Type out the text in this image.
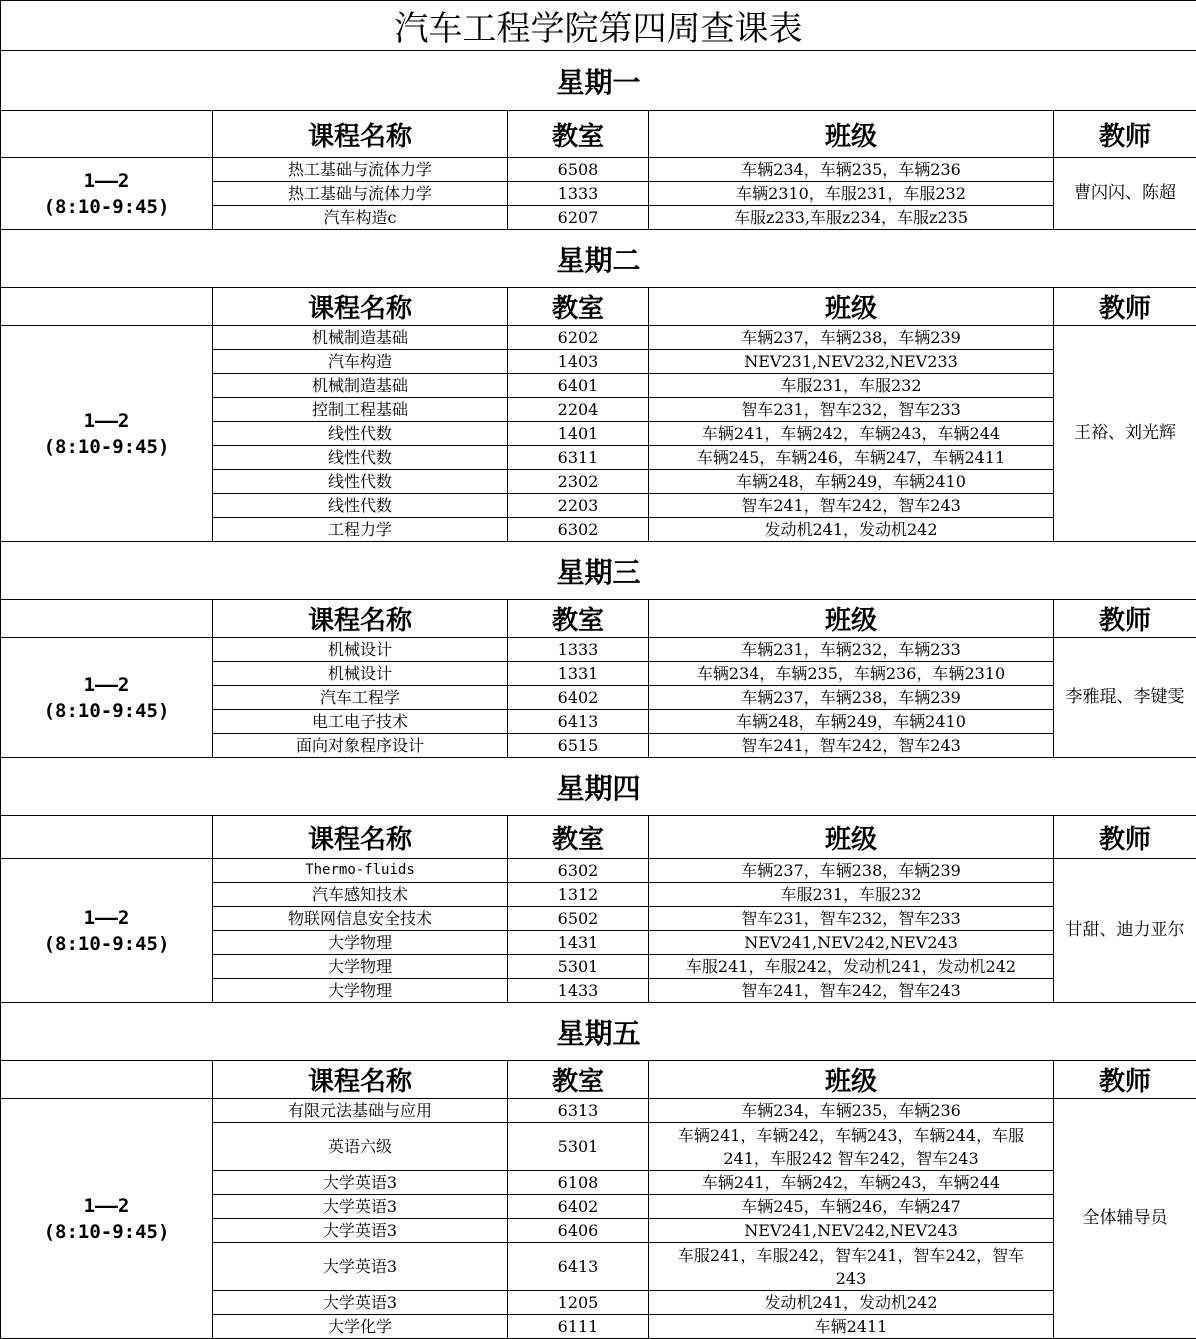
汽车工程学院第四周查课表				
星期一				
	课程名称	教室	班级	教师

1——2
(8:10-9:45)	热工基础与流体力学	6508	车辆234，车辆235，车辆236	曹闪闪、陈超
	热工基础与流体力学	1333	车辆2310，车服231，车服232	
	汽车构造c	6207	车服z233,车服z234，车服z235	
星期二				
	课程名称	教室	班级	教师

1——2
(8:10-9:45)	机械制造基础	6202	车辆237，车辆238，车辆239	王裕、刘光辉
	汽车构造	1403	NEV231,NEV232,NEV233	
	机械制造基础	6401	车服231，车服232	
	控制工程基础	2204	智车231，智车232，智车233	
	线性代数	1401	车辆241，车辆242，车辆243，车辆244	
	线性代数	6311	车辆245，车辆246，车辆247，车辆2411	
	线性代数	2302	车辆248，车辆249，车辆2410	
	线性代数	2203	智车241，智车242，智车243	
	工程力学	6302	发动机241，发动机242	
星期三				
	课程名称	教室	班级	教师

1——2
(8:10-9:45)	机械设计	1333	车辆231，车辆232，车辆233	李雅琨、李键雯
	机械设计	1331	车辆234，车辆235，车辆236，车辆2310	
	汽车工程学	6402	车辆237，车辆238，车辆239	
	电工电子技术	6413	车辆248，车辆249，车辆2410	
	面向对象程序设计	6515	智车241，智车242，智车243	
星期四				
	课程名称	教室	班级	教师

1——2
(8:10-9:45)	Thermo-fluids	6302	车辆237，车辆238，车辆239	甘甜、迪力亚尔
	汽车感知技术	1312	车服231，车服232	
	物联网信息安全技术	6502	智车231，智车232，智车233	
	大学物理	1431	NEV241,NEV242,NEV243	
	大学物理	5301	车服241，车服242，发动机241，发动机242	
	大学物理	1433	智车241，智车242，智车243	
星期五				
	课程名称	教室	班级	教师

1——2
(8:10-9:45)	有限元法基础与应用	6313	车辆234，车辆235，车辆236	全体辅导员
	英语六级	5301	车辆241，车辆242，车辆243，车辆244，车服241，车服242 智车242，智车243	
	大学英语3	6108	车辆241，车辆242，车辆243，车辆244	
	大学英语3	6402	车辆245，车辆246，车辆247	
	大学英语3	6406	NEV241,NEV242,NEV243	
	大学英语3	6413	车服241，车服242，智车241，智车242，智车243	
	大学英语3	1205	发动机241，发动机242	
	大学化学	6111	车辆2411	
